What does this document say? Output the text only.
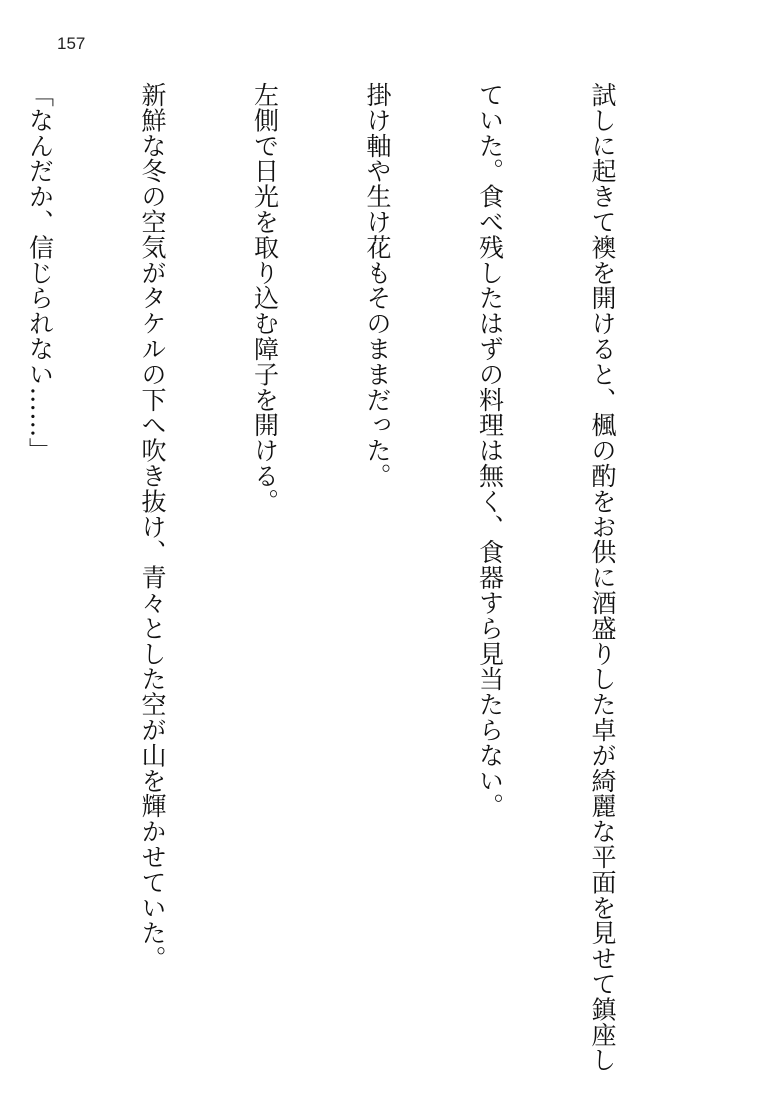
157

試しに起きて襖を開けると、楓の酌をお供に酒盛りした卓が綺麗な平面を見せて鎮座し

ていた。食べ残したはずの料理は無く、食器すら見当たらない。

掛け軸や生け花もそのままだった。

左側で日光を取り込む障子を開ける。

新鮮な冬の空気がタケルの下へ吹き抜け、青々とした空が山を輝かせていた。

「なんだか、信じられない……」
